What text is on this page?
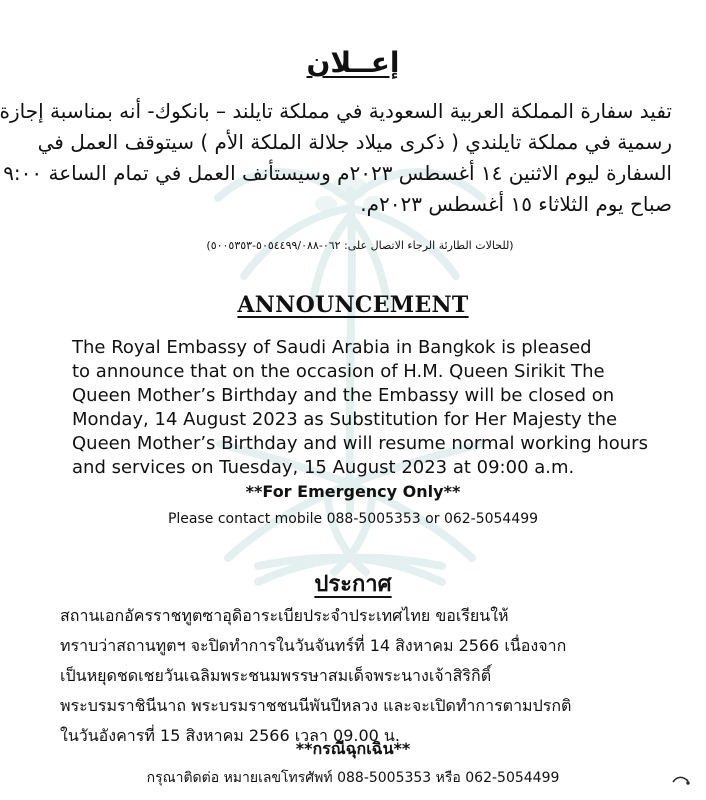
إعــلان
تفيد سفارة المملكة العربية السعودية في مملكة تايلند – بانكوك- أنه بمناسبة إجازة
رسمية في مملكة تايلندي ( ذكرى ميلاد جلالة الملكة الأم ) سيتوقف العمل في
السفارة ليوم الاثنين ١٤ أغسطس ٢٠٢٣م وسيستأنف العمل في تمام الساعة ٩:٠٠
صباح يوم الثلاثاء ١٥ أغسطس ٢٠٢٣م.
(للحالات الطارئة الرجاء الاتصال على: ٠٦٢-٥٠٥٤٤٩٩/٠٨٨-٥٠٠٥٣٥٣)
ANNOUNCEMENT
The Royal Embassy of Saudi Arabia in Bangkok is pleased
to announce that on the occasion of H.M. Queen Sirikit The
Queen Mother’s Birthday and the Embassy will be closed on
Monday, 14 August 2023 as Substitution for Her Majesty the
Queen Mother’s Birthday and will resume normal working hours
and services on Tuesday, 15 August 2023 at 09:00 a.m.
**For Emergency Only**
Please contact mobile 088-5005353 or 062-5054499
ประกาศ
สถานเอกอัครราชทูตซาอุดิอาระเบียประจำประเทศไทย ขอเรียนให้
ทราบว่าสถานทูตฯ จะปิดทำการในวันจันทร์ที่ 14 สิงหาคม 2566 เนื่องจาก
เป็นหยุดชดเชยวันเฉลิมพระชนมพรรษาสมเด็จพระนางเจ้าสิริกิติ์
พระบรมราชินีนาถ พระบรมราชชนนีพันปีหลวง และจะเปิดทำการตามปรกติ
ในวันอังคารที่ 15 สิงหาคม 2566 เวลา 09.00 น.
**กรณีฉุกเฉิน**
กรุณาติดต่อ หมายเลขโทรศัพท์ 088-5005353 หรือ 062-5054499
